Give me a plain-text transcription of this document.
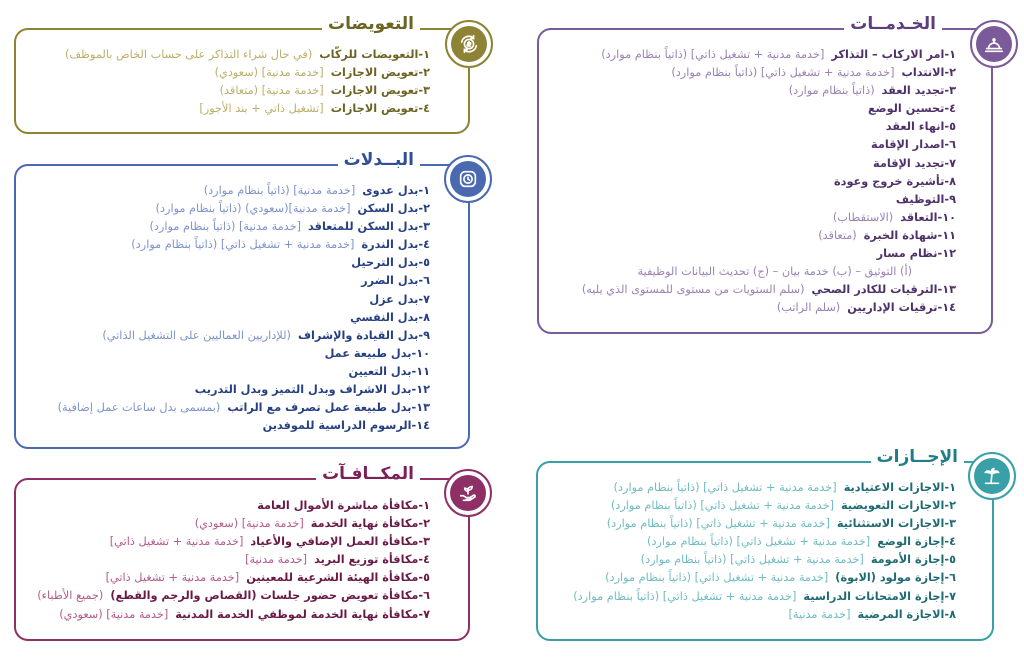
التعويضات
١-التعويضات للركّاب(في حال شراء التذاكر على حساب الخاص بالموظف)
٢-تعويض الاجازات[خدمة مدنية] (سعودي)
٣-تعويض الاجازات[خدمة مدنية] (متعاقد)
٤-تعويض الاجازات[تشغيل ذاتي + بند الأجور]
الخـدمــات
١-امر الاركاب – التذاكر[خدمة مدنية + تشغيل ذاتي] (ذاتياً بنظام موارد)
٢-الانتداب[خدمة مدنية + تشغيل ذاتي] (ذاتياً بنظام موارد)
٣-تجديد العقد(ذاتياً بنظام موارد)
٤-تحسين الوضع
٥-انهاء العقد
٦-اصدار الإقامة
٧-تجديد الإقامة
٨-تأشيرة خروج وعودة
٩-التوظيف
١٠-التعاقد(الاستقطاب)
١١-شهادة الخبرة(متعاقد)
١٢-نظام مسار
(أ) التوثيق – (ب) خدمة بيان – (ج) تحديث البيانات الوظيفية
١٣-الترقيات للكادر الصحي(سلم الستويات من مستوى للمستوى الذي يليه)
١٤-ترقيات الإداريين(سلم الراتب)
البــدلات
١-بدل عدوى[خدمة مدنية] (ذاتياً بنظام موارد)
٢-بدل السكن[خدمة مدنية](سعودي) (ذاتياً بنظام موارد)
٣-بدل السكن للمتعاقد[خدمة مدنية] (ذاتياً بنظام موارد)
٤-بدل الندرة[خدمة مدنية + تشغيل ذاتي] (ذاتياً بنظام موارد)
٥-بدل الترحيل
٦-بدل الضرر
٧-بدل عزل
٨-بدل النفسي
٩-بدل القيادة والإشراف(للإداريين العماليين على التشغيل الذاتي)
١٠-بدل طبيعة عمل
١١-بدل التعيين
١٢-بدل الاشراف وبدل التميز وبدل التدريب
١٣-بدل طبيعة عمل تصرف مع الراتب(بمسمى بدل ساعات عمل إضافية)
١٤-الرسوم الدراسية للموفدين
المكــافـآت
١-مكافأة مباشرة الأموال العامة
٢-مكافأة نهاية الخدمة[خدمة مدنية] (سعودي)
٣-مكافأة العمل الإضافي والأعياد[خدمة مدنية + تشغيل ذاتي]
٤-مكافأة توزيع البريد[خدمة مدنية]
٥-مكافأة الهيئة الشرعية للمعينين[خدمة مدنية + تشغيل ذاتي]
٦-مكافأة تعويض حضور جلسات (القصاص والرجم والقطع)(جميع الأطباء)
٧-مكافأة نهاية الخدمة لموظفي الخدمة المدنية[خدمة مدنية] (سعودي)
الإجــازات
١-الاجازات الاعتيادية[خدمة مدنية + تشغيل ذاتي] (ذاتياً بنظام موارد)
٢-الاجازات التعويضية[خدمة مدنية + تشغيل ذاتي] (ذاتياً بنظام موارد)
٣-الاجازات الاستثنائية[خدمة مدنية + تشغيل ذاتي] (ذاتياً بنظام موارد)
٤-إجازة الوضع[خدمة مدنية + تشغيل ذاتي] (ذاتياً بنظام موارد)
٥-إجازة الأمومة[خدمة مدنية + تشغيل ذاتي] (ذاتياً بنظام موارد)
٦-إجازة مولود (الابوة)[خدمة مدنية + تشغيل ذاتي] (ذاتياً بنظام موارد)
٧-إجازة الامتحانات الدراسية[خدمة مدنية + تشغيل ذاتي] (ذاتياً بنظام موارد)
٨-الاجازة المرضية[خدمة مدنية]
